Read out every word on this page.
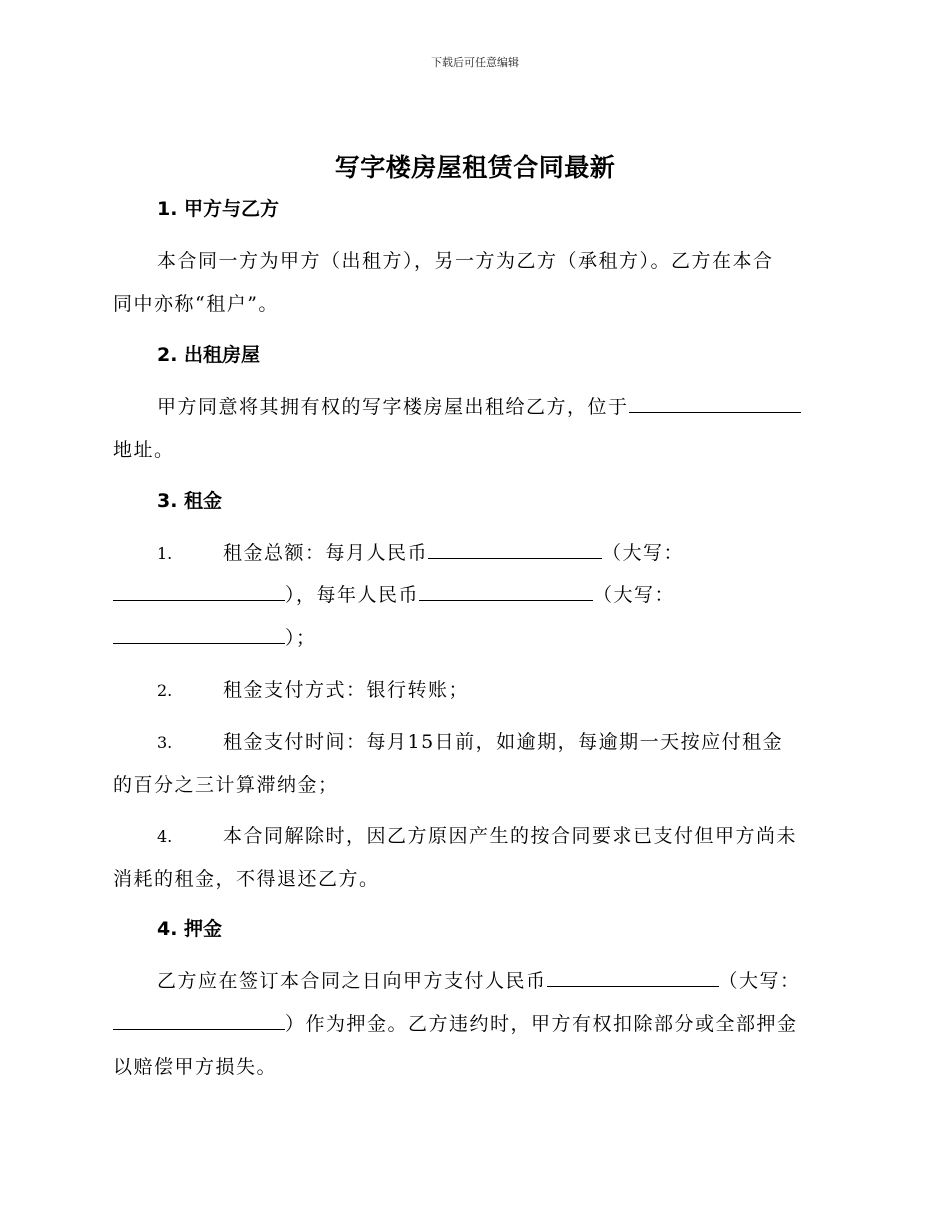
下载后可任意编辑
写字楼房屋租赁合同最新
1. 甲方与乙方
本合同一方为甲方（出租方），另一方为乙方（承租方）。乙方在本合
同中亦称“租户”。
2. 出租房屋
甲方同意将其拥有权的写字楼房屋出租给乙方，位于
地址。
3. 租金
1.	租金总额：每月人民币	（大写：
），每年人民币	（大写：
）；
2.	租金支付方式：银行转账；
3.	租金支付时间：每月15日前，如逾期，每逾期一天按应付租金
的百分之三计算滞纳金；
4.	本合同解除时，因乙方原因产生的按合同要求已支付但甲方尚未
消耗的租金，不得退还乙方。
4. 押金
乙方应在签订本合同之日向甲方支付人民币	（大写：
）作为押金。乙方违约时，甲方有权扣除部分或全部押金
以赔偿甲方损失。
